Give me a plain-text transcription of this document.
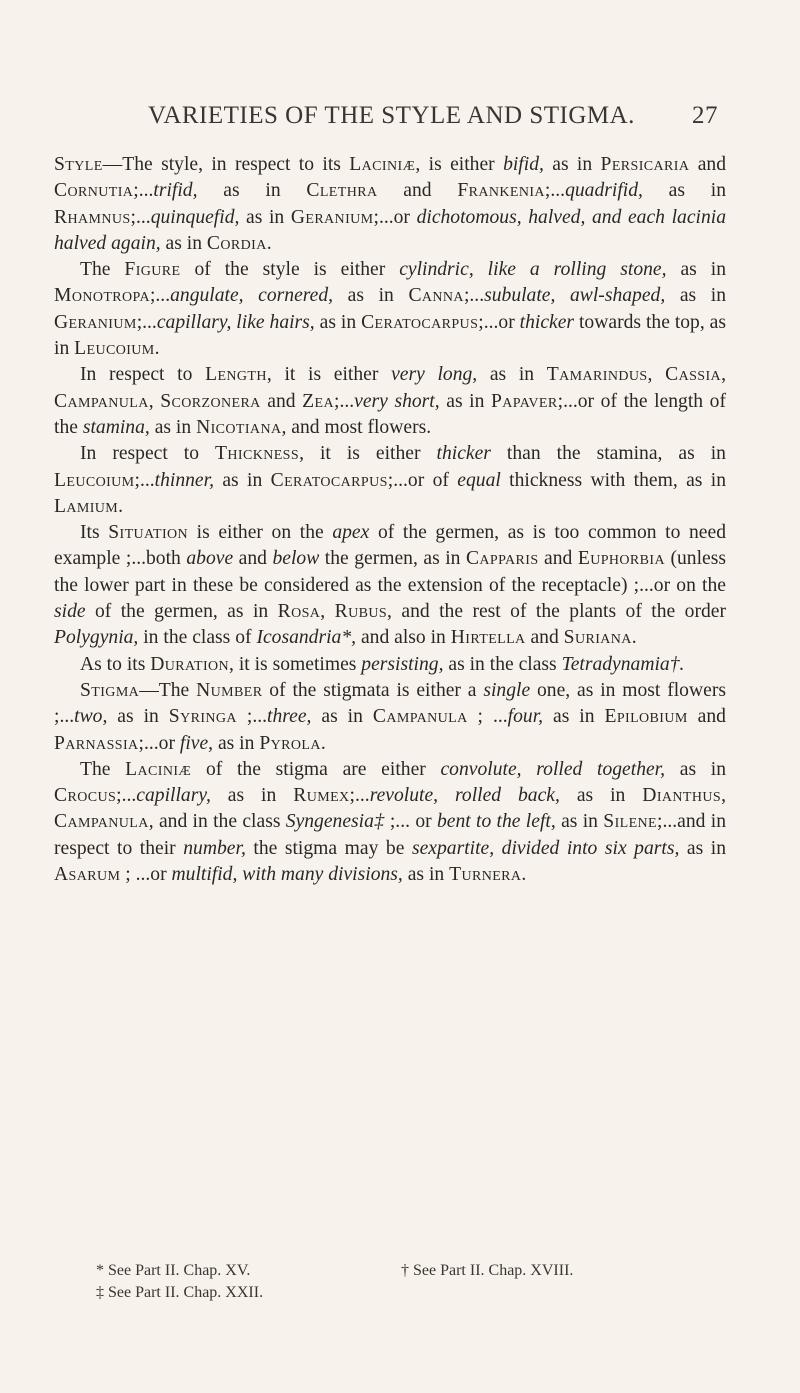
VARIETIES OF THE STYLE AND STIGMA. 27

Style—The style, in respect to its Laciniæ, is either bifid, as in Persicaria and Cornutia;...trifid, as in Clethra and Frankenia;...quadrifid, as in Rhamnus;...quinquefid, as in Geranium;...or dichotomous, halved, and each lacinia halved again, as in Cordia.

The Figure of the style is either cylindric, like a rolling stone, as in Monotropa;...angulate, cornered, as in Canna;...subulate, awl-shaped, as in Geranium;...capillary, like hairs, as in Ceratocarpus;...or thicker towards the top, as in Leucoium.

In respect to Length, it is either very long, as in Tamarindus, Cassia, Campanula, Scorzonera and Zea;...very short, as in Papaver;...or of the length of the stamina, as in Nicotiana, and most flowers.

In respect to Thickness, it is either thicker than the stamina, as in Leucoium;...thinner, as in Ceratocarpus;...or of equal thickness with them, as in Lamium.

Its Situation is either on the apex of the germen, as is too common to need example ;...both above and below the germen, as in Capparis and Euphorbia (unless the lower part in these be considered as the extension of the receptacle) ;...or on the side of the germen, as in Rosa, Rubus, and the rest of the plants of the order Polygynia, in the class of Icosandria*, and also in Hirtella and Suriana.

As to its Duration, it is sometimes persisting, as in the class Tetradynamia†.

Stigma—The Number of the stigmata is either a single one, as in most flowers ;...two, as in Syringa ;...three, as in Campanula ; ...four, as in Epilobium and Parnassia;...or five, as in Pyrola.

The Laciniæ of the stigma are either convolute, rolled together, as in Crocus;...capillary, as in Rumex;...revolute, rolled back, as in Dianthus, Campanula, and in the class Syngenesia‡ ;... or bent to the left, as in Silene;...and in respect to their number, the stigma may be sexpartite, divided into six parts, as in Asarum ; ...or multifid, with many divisions, as in Turnera.

* See Part II. Chap. XV.	† See Part II. Chap. XVIII.
‡ See Part II. Chap. XXII.
